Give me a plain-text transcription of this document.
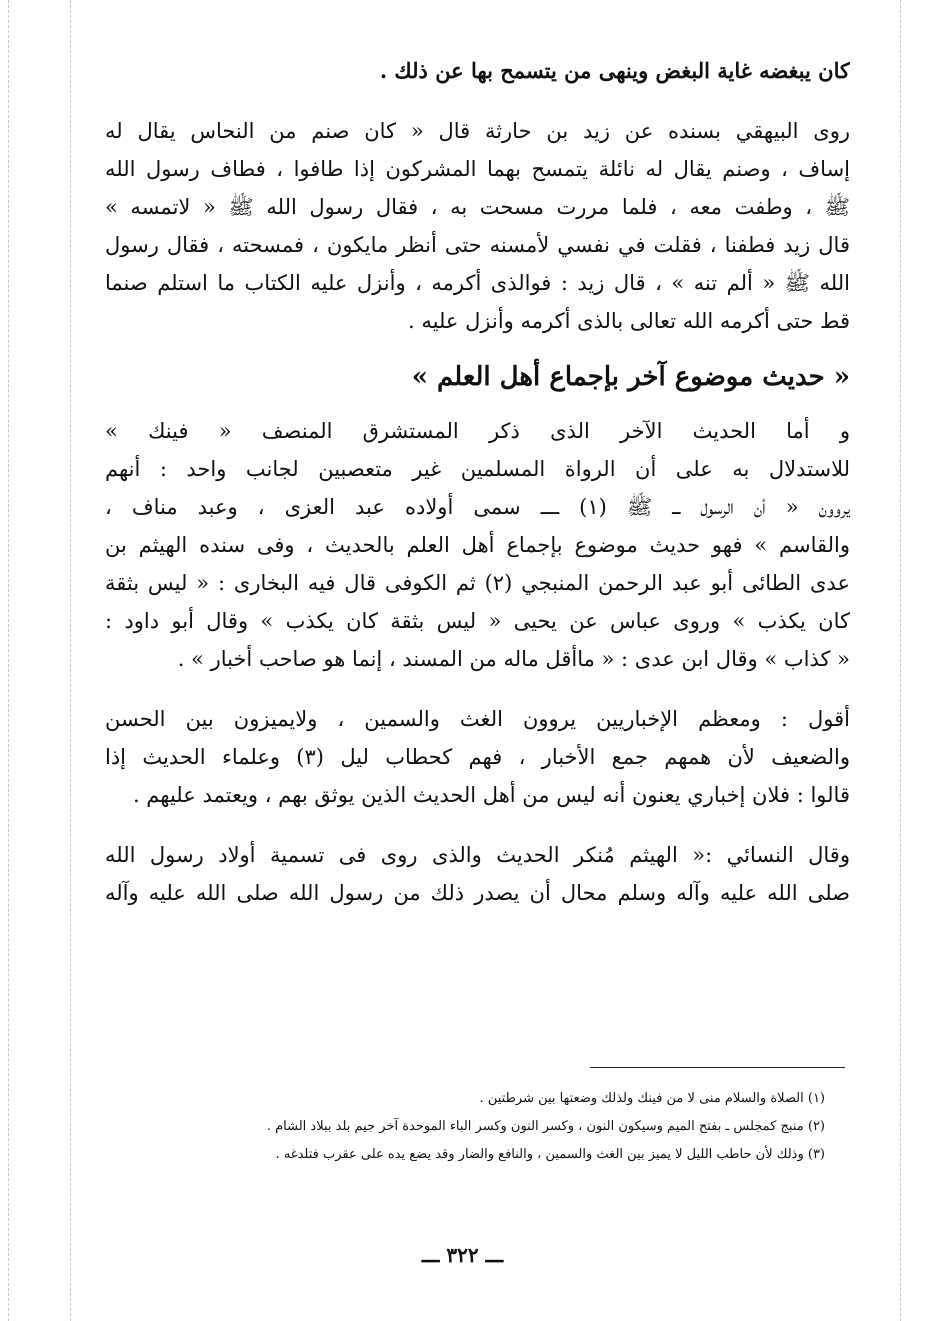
كان يبغضه غاية البغض وينهى من يتسمح بها عن ذلك .
روى البيهقي بسنده عن زيد بن حارثة قال « كان صنم من النحاس يقال له
إساف ، وصنم يقال له نائلة يتمسح بهما المشركون إذا طافوا ، فطاف رسول الله
ﷺ ، وطفت معه ، فلما مررت مسحت به ، فقال رسول الله ﷺ « لاتمسه »
قال زيد فطفنا ، فقلت في نفسي لأمسنه حتى أنظر مايكون ، فمسحته ، فقال رسول
الله ﷺ « ألم تنه » ، قال زيد : فوالذى أكرمه ، وأنزل عليه الكتاب ما استلم صنما
قط حتى أكرمه الله تعالى بالذى أكرمه وأنزل عليه .
« حديث موضوع آخر بإجماع أهل العلم »
و أما الحديث الآخر الذى ذكر المستشرق المنصف « فينك »
للاستدلال به على أن الرواة المسلمين غير متعصبين لجانب واحد : أنهم
يروون « أن الرسول ـــ ﷺ (١) ـــ سمى أولاده عبد العزى ، وعبد مناف ،
والقاسم » فهو حديث موضوع بإجماع أهل العلم بالحديث ، وفى سنده الهيثم بن
عدى الطائى أبو عبد الرحمن المنبجي (٢) ثم الكوفى قال فيه البخارى : « ليس بثقة
كان يكذب » وروى عباس عن يحيى « ليس بثقة كان يكذب » وقال أبو داود :
« كذاب » وقال ابن عدى : « ماأقل ماله من المسند ، إنما هو صاحب أخبار » .
أقول : ومعظم الإخباريين يروون الغث والسمين ، ولايميزون بين الحسن
والضعيف لأن همهم جمع الأخبار ، فهم كحطاب ليل (٣) وعلماء الحديث إذا
قالوا : فلان إخباري يعنون أنه ليس من أهل الحديث الذين يوثق بهم ، ويعتمد عليهم .
وقال النسائي :« الهيثم مُنكر الحديث والذى روى فى تسمية أولاد رسول الله
صلى الله عليه وآله وسلم محال أن يصدر ذلك من رسول الله صلى الله عليه وآله
(١) الصلاة والسلام منى لا من فينك ولذلك وضعتها بين شرطتين .
(٢) منبج كمجلس ـ بفتح الميم وسيكون النون ، وكسر النون وكسر الباء الموحدة آخر جيم بلد ببلاد الشام .
(٣) وذلك لأن حاطب الليل لا يميز بين الغث والسمين ، والنافع والضار وقد يضع يده على عقرب فتلدغه .
ـــ ٣٢٢ ـــ
